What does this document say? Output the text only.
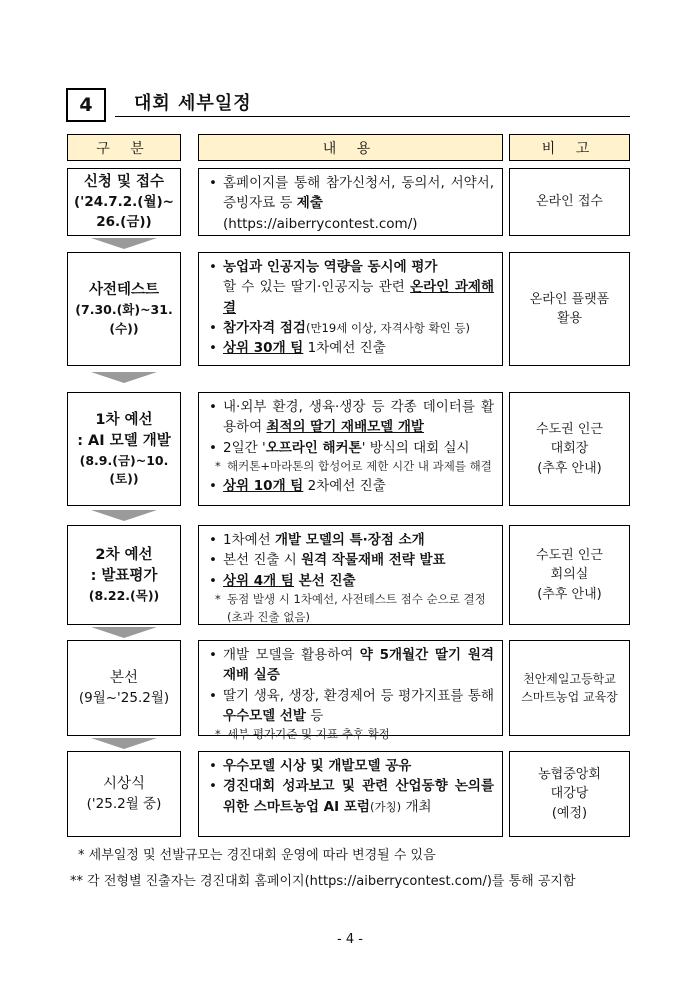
4 대회 세부일정
구 분	내 용	비 고
신청 및 접수
('24.7.2.(월)~
26.(금))
• 홈페이지를 통해 참가신청서, 동의서, 서약서, 증빙자료 등 제출
(https://aiberrycontest.com/)
온라인 접수
사전테스트
(7.30.(화)~31.(수))
• 농업과 인공지능 역량을 동시에 평가
할 수 있는 딸기·인공지능 관련 온라인 과제해결
• 참가자격 점검(만19세 이상, 자격사항 확인 등)
• 상위 30개 팀 1차예선 진출
온라인 플랫폼
활용
1차 예선
: AI 모델 개발
(8.9.(금)~10.(토))
• 내·외부 환경, 생육·생장 등 각종 데이터를 활용하여 최적의 딸기 재배모델 개발
• 2일간 '오프라인 해커톤' 방식의 대회 실시
* 해커톤+마라톤의 합성어로 제한 시간 내 과제를 해결
• 상위 10개 팀 2차예선 진출
수도권 인근
대회장
(추후 안내)
2차 예선
: 발표평가
(8.22.(목))
• 1차예선 개발 모델의 특·장점 소개
• 본선 진출 시 원격 작물재배 전략 발표
• 상위 4개 팀 본선 진출
* 동점 발생 시 1차예선, 사전테스트 점수 순으로 결정(초과 진출 없음)
수도권 인근
회의실
(추후 안내)
본선
(9월~'25.2월)
• 개발 모델을 활용하여 약 5개월간 딸기 원격 재배 실증
• 딸기 생육, 생장, 환경제어 등 평가지표를 통해 우수모델 선발 등
* 세부 평가기준 및 지표 추후 확정
천안제일고등학교
스마트농업 교육장
시상식
('25.2월 중)
• 우수모델 시상 및 개발모델 공유
• 경진대회 성과보고 및 관련 산업동향 논의를 위한 스마트농업 AI 포럼(가칭) 개최
농협중앙회
대강당
(예정)
* 세부일정 및 선발규모는 경진대회 운영에 따라 변경될 수 있음
** 각 전형별 진출자는 경진대회 홈페이지(https://aiberrycontest.com/)를 통해 공지함
- 4 -
